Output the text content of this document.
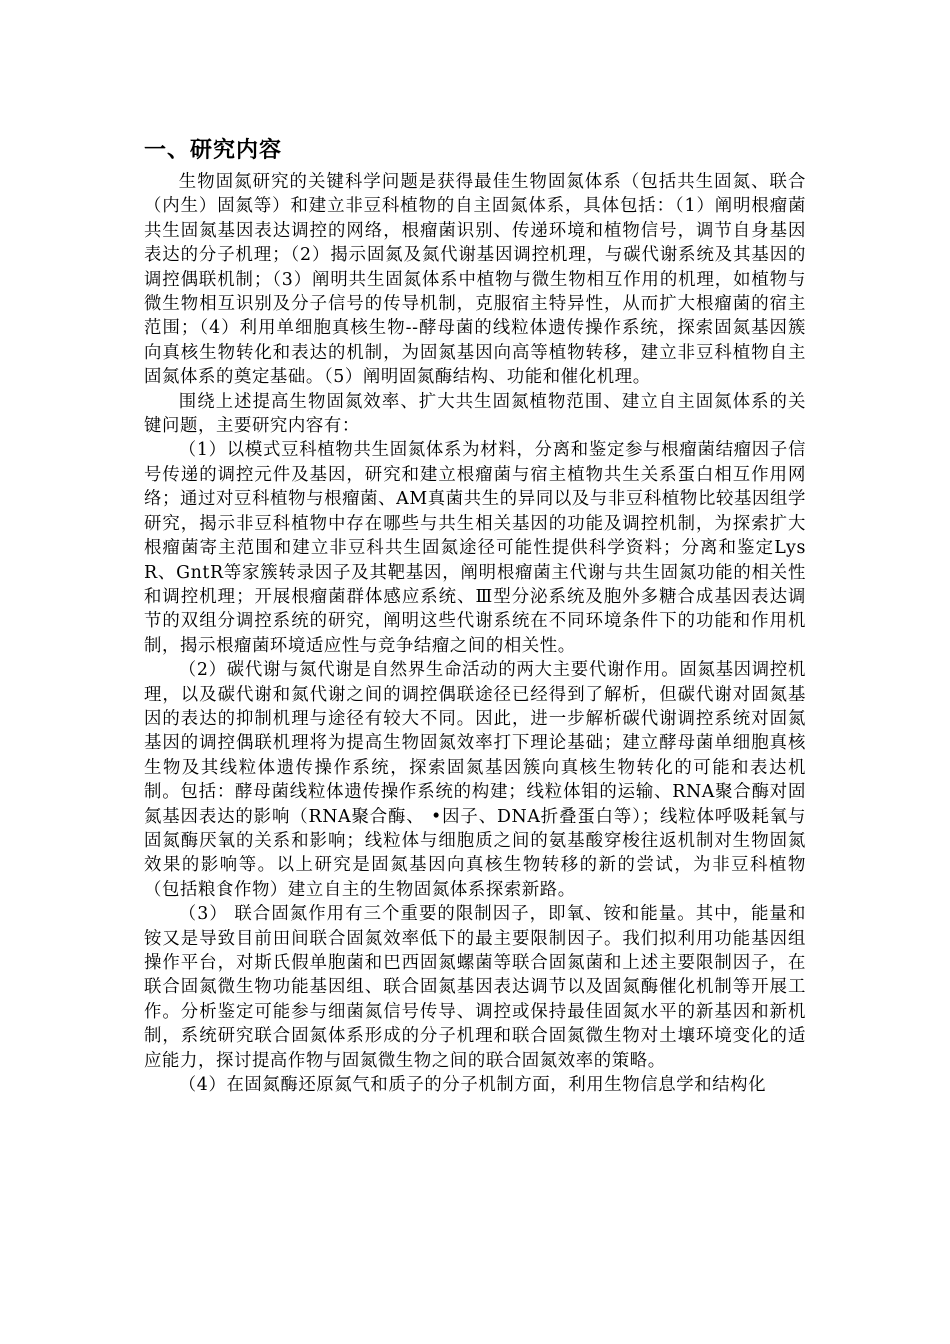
一、研究内容

生物固氮研究的关键科学问题是获得最佳生物固氮体系（包括共生固氮、联合（内生）固氮等）和建立非豆科植物的自主固氮体系，具体包括：（1）阐明根瘤菌共生固氮基因表达调控的网络，根瘤菌识别、传递环境和植物信号，调节自身基因表达的分子机理；（2）揭示固氮及氮代谢基因调控机理，与碳代谢系统及其基因的调控偶联机制；（3）阐明共生固氮体系中植物与微生物相互作用的机理，如植物与微生物相互识别及分子信号的传导机制，克服宿主特异性，从而扩大根瘤菌的宿主范围；（4）利用单细胞真核生物--酵母菌的线粒体遗传操作系统，探索固氮基因簇向真核生物转化和表达的机制，为固氮基因向高等植物转移，建立非豆科植物自主固氮体系的奠定基础。（5）阐明固氮酶结构、功能和催化机理。

围绕上述提高生物固氮效率、扩大共生固氮植物范围、建立自主固氮体系的关键问题，主要研究内容有：

（1）以模式豆科植物共生固氮体系为材料，分离和鉴定参与根瘤菌结瘤因子信号传递的调控元件及基因，研究和建立根瘤菌与宿主植物共生关系蛋白相互作用网络；通过对豆科植物与根瘤菌、AM真菌共生的异同以及与非豆科植物比较基因组学研究，揭示非豆科植物中存在哪些与共生相关基因的功能及调控机制，为探索扩大根瘤菌寄主范围和建立非豆科共生固氮途径可能性提供科学资料；分离和鉴定LysR、GntR等家簇转录因子及其靶基因，阐明根瘤菌主代谢与共生固氮功能的相关性和调控机理；开展根瘤菌群体感应系统、Ⅲ型分泌系统及胞外多糖合成基因表达调节的双组分调控系统的研究，阐明这些代谢系统在不同环境条件下的功能和作用机制，揭示根瘤菌环境适应性与竞争结瘤之间的相关性。

（2）碳代谢与氮代谢是自然界生命活动的两大主要代谢作用。固氮基因调控机理，以及碳代谢和氮代谢之间的调控偶联途径已经得到了解析，但碳代谢对固氮基因的表达的抑制机理与途径有较大不同。因此，进一步解析碳代谢调控系统对固氮基因的调控偶联机理将为提高生物固氮效率打下理论基础；建立酵母菌单细胞真核生物及其线粒体遗传操作系统，探索固氮基因簇向真核生物转化的可能和表达机制。包括：酵母菌线粒体遗传操作系统的构建；线粒体钼的运输、RNA聚合酶对固氮基因表达的影响（RNA聚合酶、 •因子、DNA折叠蛋白等）；线粒体呼吸耗氧与固氮酶厌氧的关系和影响；线粒体与细胞质之间的氨基酸穿梭往返机制对生物固氮效果的影响等。以上研究是固氮基因向真核生物转移的新的尝试，为非豆科植物（包括粮食作物）建立自主的生物固氮体系探索新路。

（3） 联合固氮作用有三个重要的限制因子，即氧、铵和能量。其中，能量和铵又是导致目前田间联合固氮效率低下的最主要限制因子。我们拟利用功能基因组操作平台，对斯氏假单胞菌和巴西固氮螺菌等联合固氮菌和上述主要限制因子，在联合固氮微生物功能基因组、联合固氮基因表达调节以及固氮酶催化机制等开展工作。分析鉴定可能参与细菌氮信号传导、调控或保持最佳固氮水平的新基因和新机制，系统研究联合固氮体系形成的分子机理和联合固氮微生物对土壤环境变化的适应能力，探讨提高作物与固氮微生物之间的联合固氮效率的策略。

（4）在固氮酶还原氮气和质子的分子机制方面，利用生物信息学和结构化
